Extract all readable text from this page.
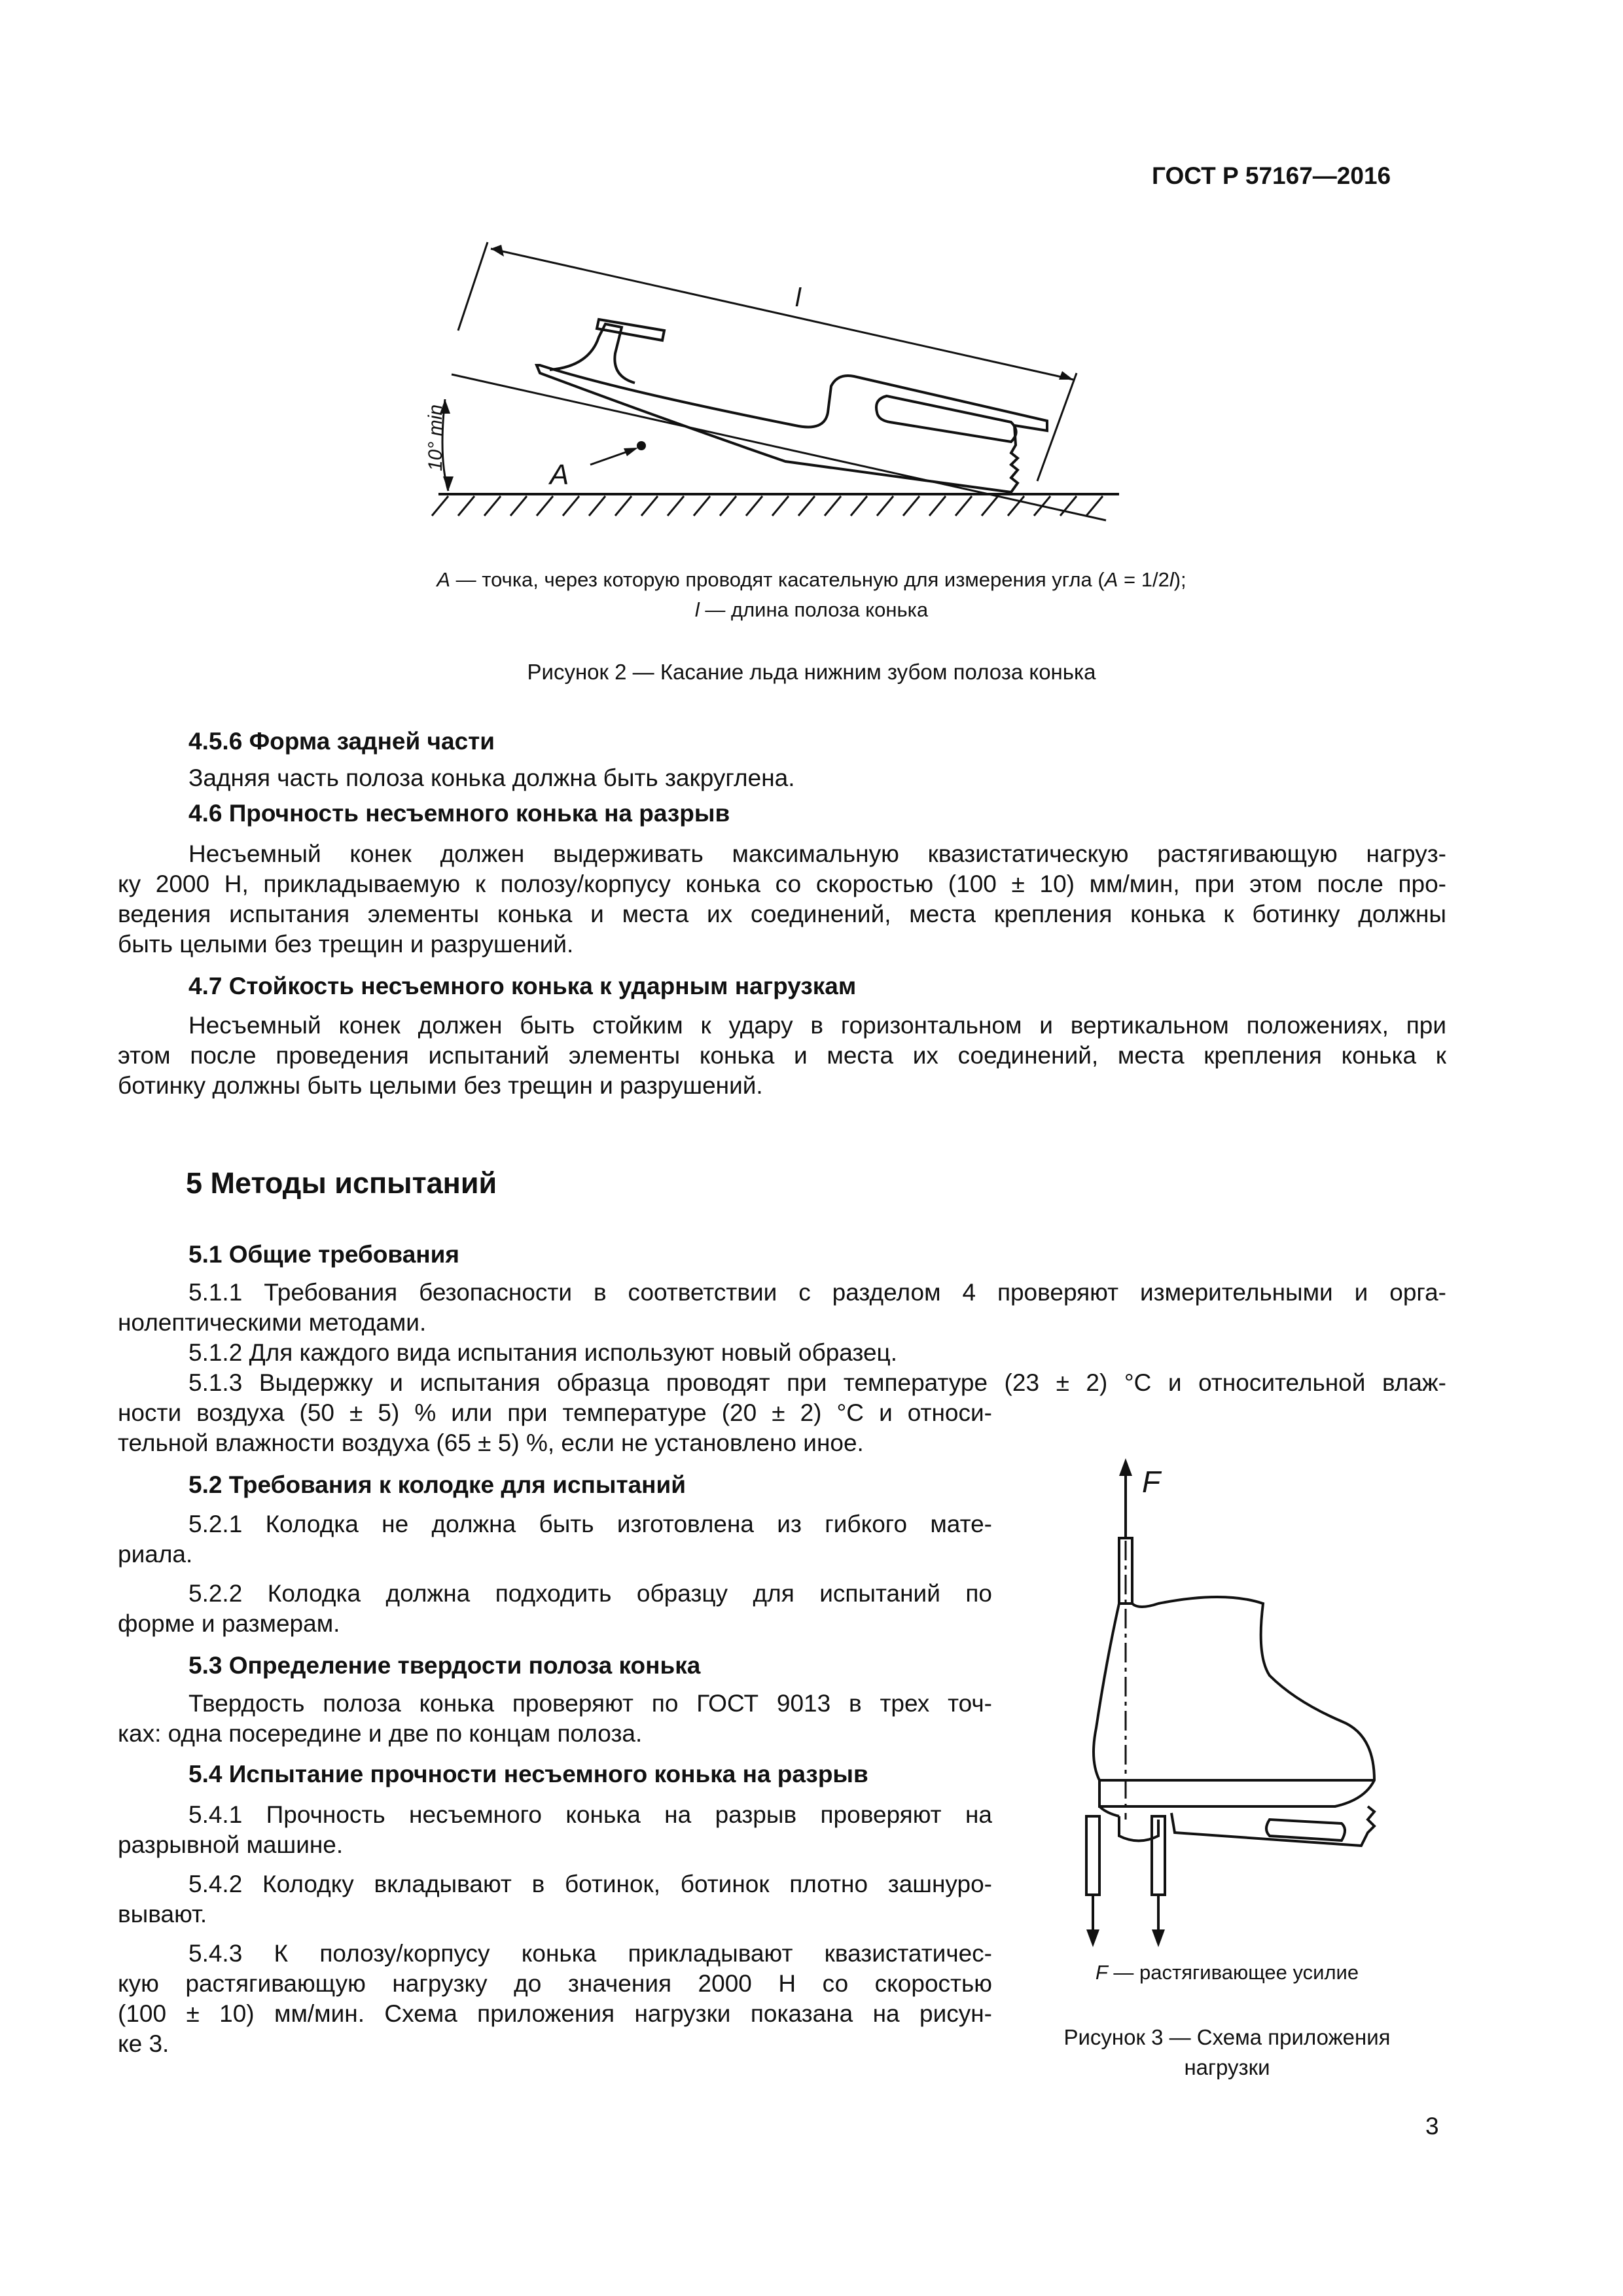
ГОСТ Р 57167—2016
l
10° min
A
A — точка, через которую проводят касательную для измерения угла (A = 1/2l);
l — длина полоза конька
Рисунок 2 — Касание льда нижним зубом полоза конька
4.5.6 Форма задней части
Задняя часть полоза конька должна быть закруглена.
4.6 Прочность несъемного конька на разрыв
Несъемный конек должен выдерживать максимальную квазистатическую растягивающую нагруз-
ку 2000 Н, прикладываемую к полозу/корпусу конька со скоростью (100 ± 10) мм/мин, при этом после про-
ведения испытания элементы конька и места их соединений, места крепления конька к ботинку должны
быть целыми без трещин и разрушений.
4.7 Стойкость несъемного конька к ударным нагрузкам
Несъемный конек должен быть стойким к удару в горизонтальном и вертикальном положениях, при
этом после проведения испытаний элементы конька и места их соединений, места крепления конька к
ботинку должны быть целыми без трещин и разрушений.
5 Методы испытаний
5.1 Общие требования
5.1.1 Требования безопасности в соответствии с разделом 4 проверяют измерительными и орга-
нолептическими методами.
5.1.2 Для каждого вида испытания используют новый образец.
5.1.3 Выдержку и испытания образца проводят при температуре (23 ± 2) °С и относительной влаж-
ности воздуха (50 ± 5) % или при температуре (20 ± 2) °С и относи-
тельной влажности воздуха (65 ± 5) %, если не установлено иное.
5.2 Требования к колодке для испытаний
5.2.1 Колодка не должна быть изготовлена из гибкого мате-
риала.
5.2.2 Колодка должна подходить образцу для испытаний по
форме и размерам.
5.3 Определение твердости полоза конька
Твердость полоза конька проверяют по ГОСТ 9013 в трех точ-
ках: одна посередине и две по концам полоза.
5.4 Испытание прочности несъемного конька на разрыв
5.4.1 Прочность несъемного конька на разрыв проверяют на
разрывной машине.
5.4.2 Колодку вкладывают в ботинок, ботинок плотно зашнуро-
вывают.
5.4.3 К полозу/корпусу конька прикладывают квазистатичес-
кую растягивающую нагрузку до значения 2000 Н со скоростью
(100 ± 10) мм/мин. Схема приложения нагрузки показана на рисун-
ке 3.
F
F — растягивающее усилие
Рисунок 3 — Схема приложения
нагрузки
3
